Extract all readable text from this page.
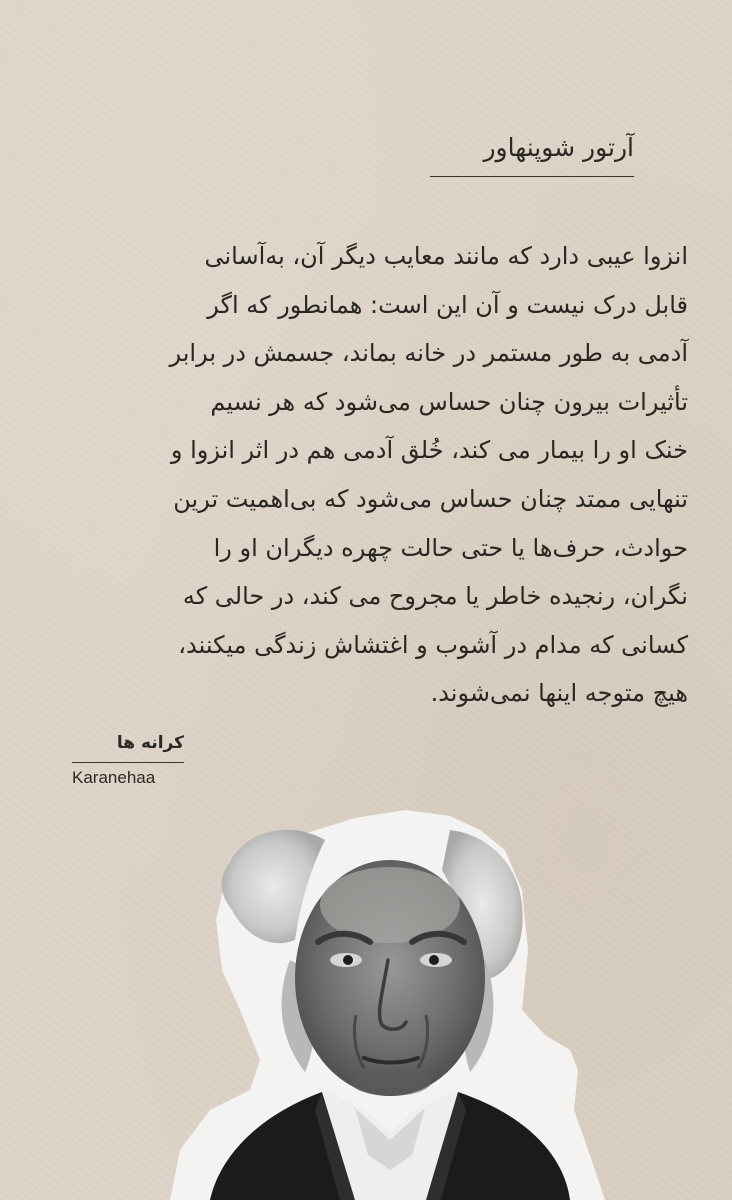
آرتور شوپنهاور
انزوا عیبی دارد که مانند معایب دیگر آن، به‌آسانی
قابل درک نیست و آن این است: همانطور که اگر
آدمی به طور مستمر در خانه بماند، جسمش در برابر
تأثیرات بیرون چنان حساس می‌شود که هر نسیم
خنک او را بیمار می کند، خُلق آدمی هم در اثر انزوا و
تنهایی ممتد چنان حساس می‌شود که بی‌اهمیت ترین
حوادث، حرف‌ها یا حتی حالت چهره دیگران او را
نگران، رنجیده خاطر یا مجروح می کند، در حالی که
کسانی که مدام در آشوب و اغتشاش زندگی میکنند،
هیچ متوجه اینها نمی‌شوند.
کرانه ها
Karanehaa
